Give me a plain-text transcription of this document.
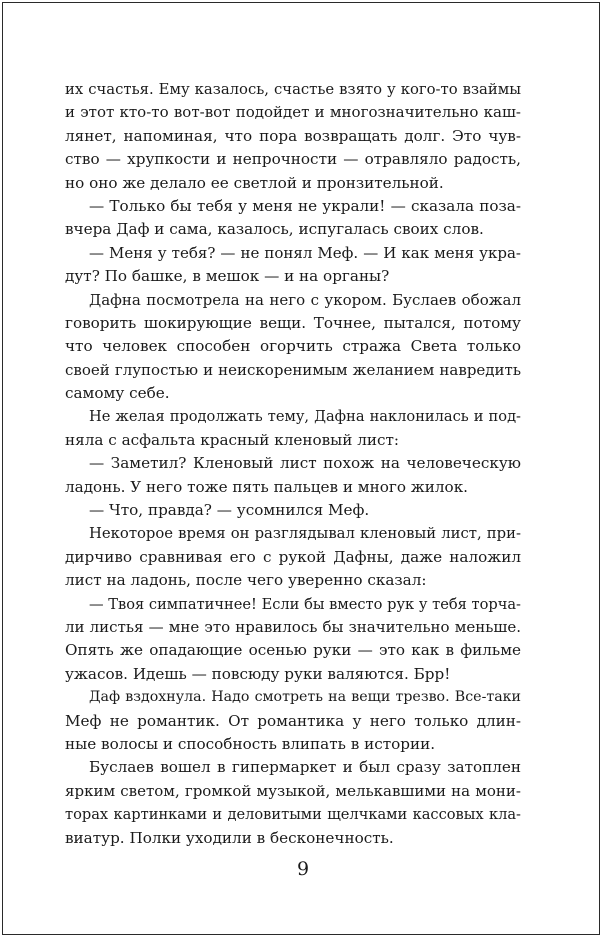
их счастья. Ему казалось, счастье взято у кого-то взаймы
и этот кто-то вот-вот подойдет и многозначительно каш-
лянет, напоминая, что пора возвращать долг. Это чув-
ство — хрупкости и непрочности — отравляло радость,
но оно же делало ее светлой и пронзительной.
— Только бы тебя у меня не украли! — сказала поза-
вчера Даф и сама, казалось, испугалась своих слов.
— Меня у тебя? — не понял Меф. — И как меня укра-
дут? По башке, в мешок — и на органы?
Дафна посмотрела на него с укором. Буслаев обожал
говорить шокирующие вещи. Точнее, пытался, потому
что человек способен огорчить стража Света только
своей глупостью и неискоренимым желанием навредить
самому себе.
Не желая продолжать тему, Дафна наклонилась и под-
няла с асфальта красный кленовый лист:
— Заметил? Кленовый лист похож на человеческую
ладонь. У него тоже пять пальцев и много жилок.
— Что, правда? — усомнился Меф.
Некоторое время он разглядывал кленовый лист, при-
дирчиво сравнивая его с рукой Дафны, даже наложил
лист на ладонь, после чего уверенно сказал:
— Твоя симпатичнее! Если бы вместо рук у тебя торча-
ли листья — мне это нравилось бы значительно меньше.
Опять же опадающие осенью руки — это как в фильме
ужасов. Идешь — повсюду руки валяются. Брр!
Даф вздохнула. Надо смотреть на вещи трезво. Все-таки
Меф не романтик. От романтика у него только длин-
ные волосы и способность влипать в истории.
Буслаев вошел в гипермаркет и был сразу затоплен
ярким светом, громкой музыкой, мелькавшими на мони-
торах картинками и деловитыми щелчками кассовых кла-
виатур. Полки уходили в бесконечность.
9
